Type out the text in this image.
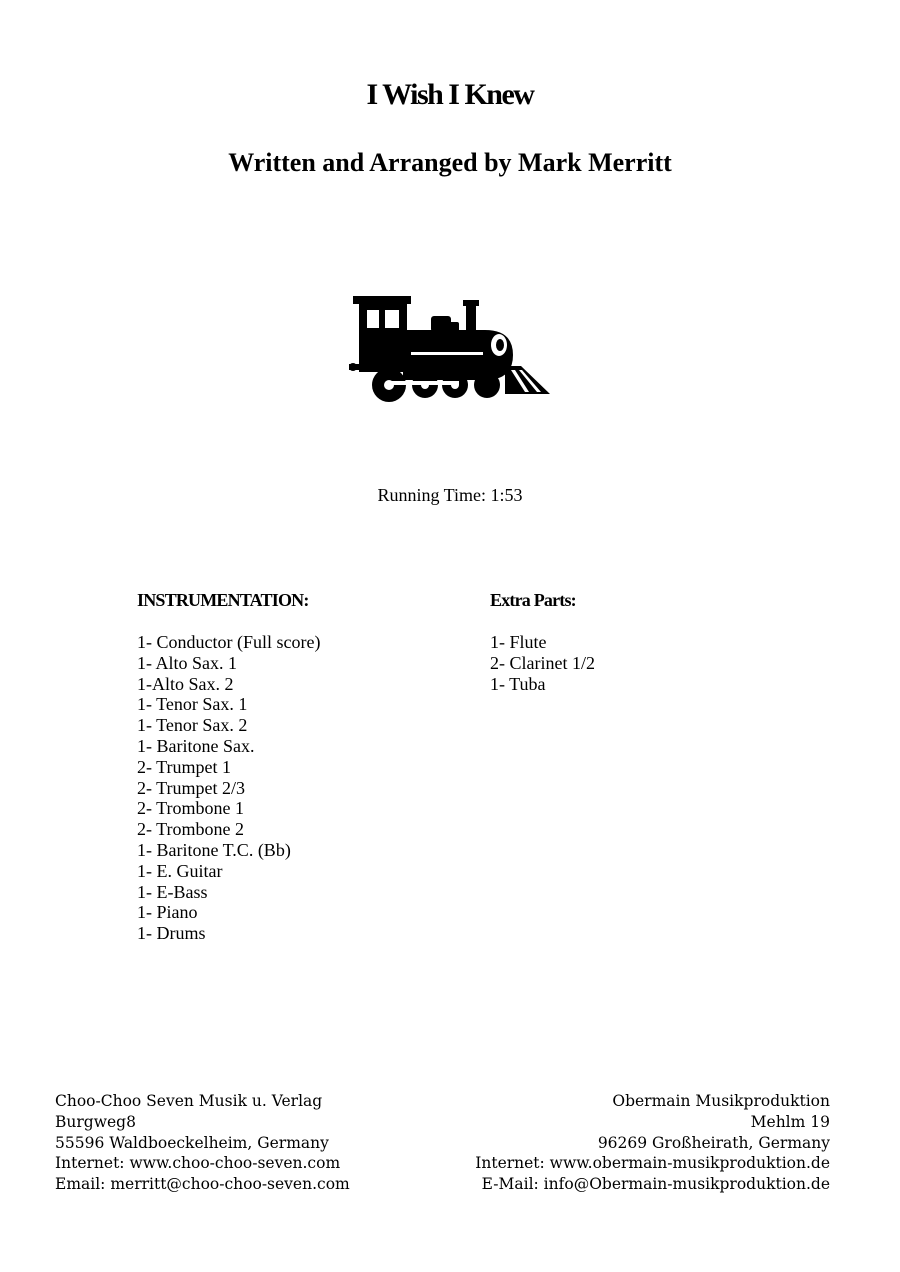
I Wish I Knew
Written and Arranged by Mark Merritt
Running Time: 1:53
INSTRUMENTATION:
1- Conductor (Full score)
1- Alto Sax. 1
1-Alto Sax. 2
1- Tenor Sax. 1
1- Tenor Sax. 2
1- Baritone Sax.
2- Trumpet 1
2- Trumpet 2/3
2- Trombone 1
2- Trombone 2
1- Baritone T.C. (Bb)
1- E. Guitar
1- E-Bass
1- Piano
1- Drums
Extra Parts:
1- Flute
2- Clarinet 1/2
1- Tuba
Choo-Choo Seven Musik u. Verlag
Burgweg8
55596 Waldboeckelheim, Germany
Internet: www.choo-choo-seven.com
Email: merritt@choo-choo-seven.com
Obermain Musikproduktion
Mehlm 19
96269 Großheirath, Germany
Internet: www.obermain-musikproduktion.de
E-Mail: info@Obermain-musikproduktion.de
